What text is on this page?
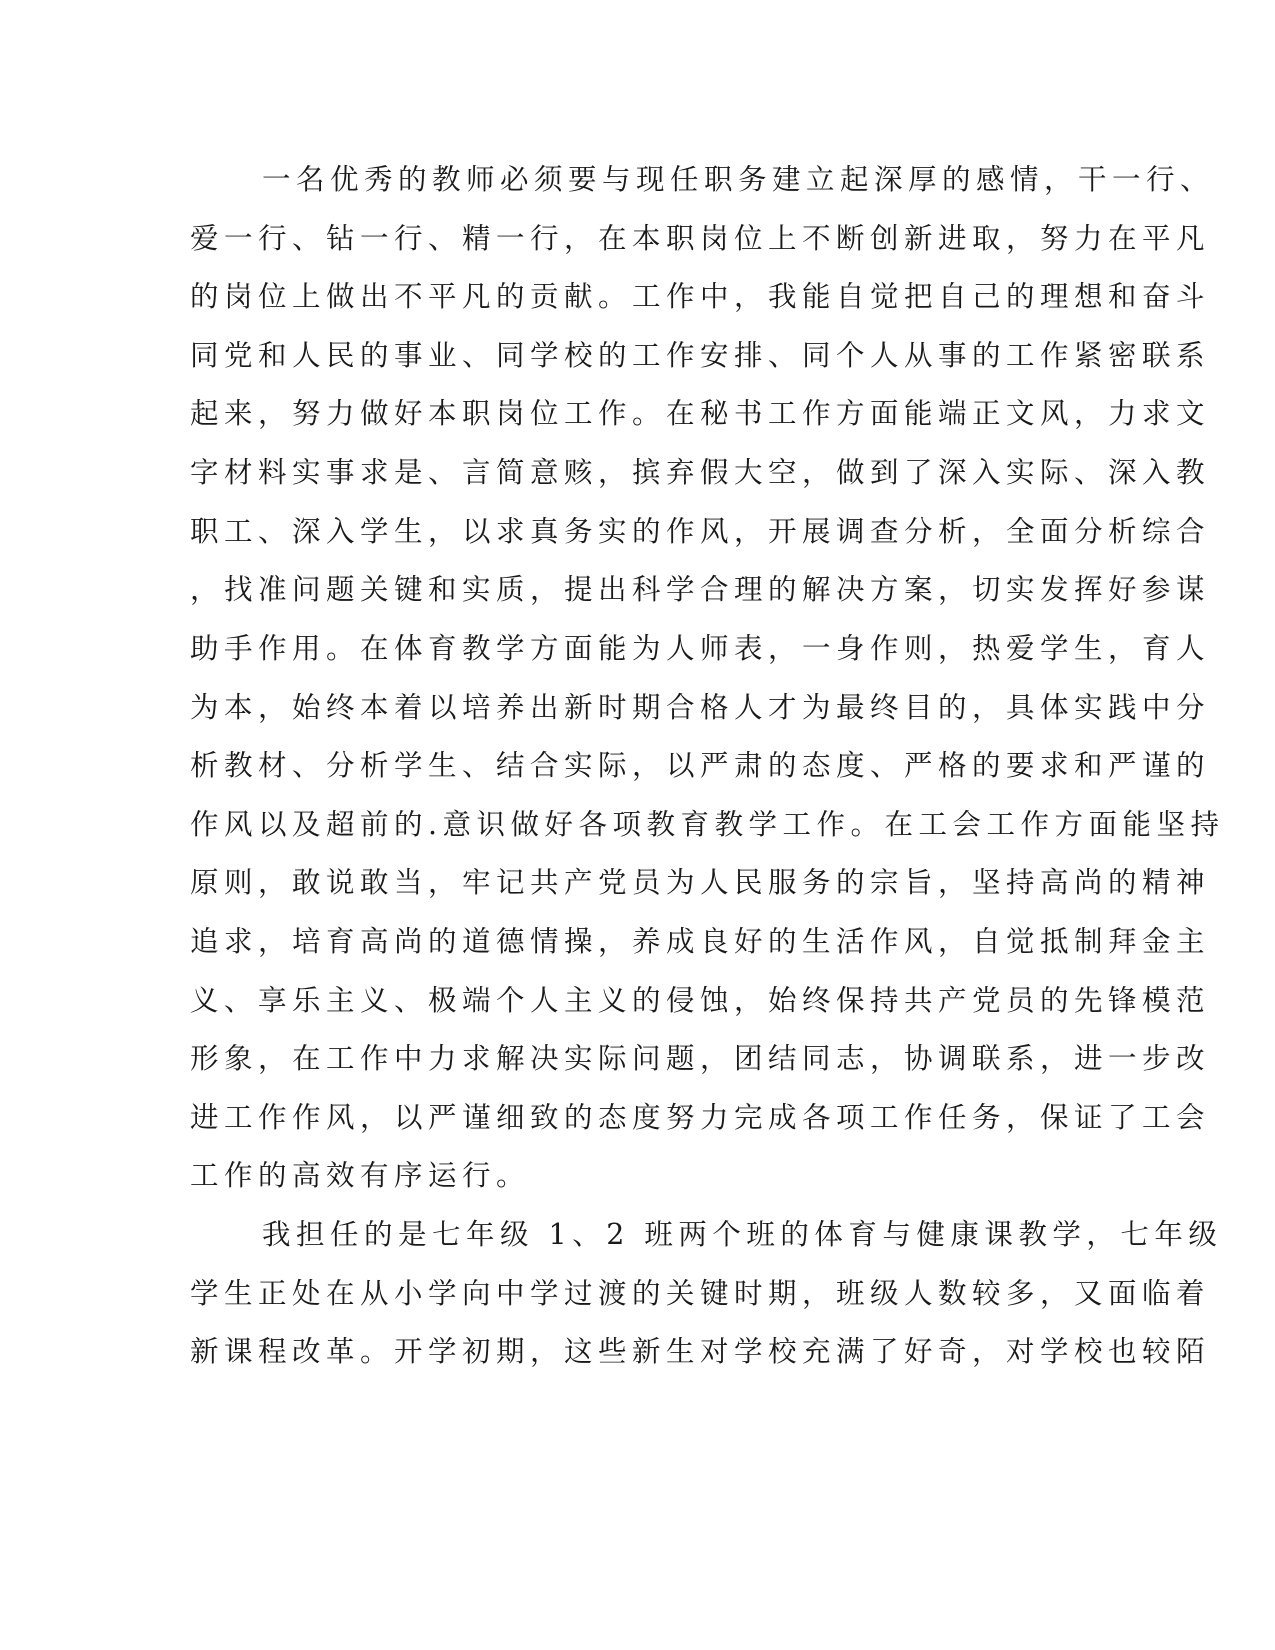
一名优秀的教师必须要与现任职务建立起深厚的感情，干一行、
爱一行、钻一行、精一行，在本职岗位上不断创新进取，努力在平凡
的岗位上做出不平凡的贡献。工作中，我能自觉把自己的理想和奋斗
同党和人民的事业、同学校的工作安排、同个人从事的工作紧密联系
起来，努力做好本职岗位工作。在秘书工作方面能端正文风，力求文
字材料实事求是、言简意赅，摈弃假大空，做到了深入实际、深入教
职工、深入学生，以求真务实的作风，开展调查分析，全面分析综合
，找准问题关键和实质，提出科学合理的解决方案，切实发挥好参谋
助手作用。在体育教学方面能为人师表，一身作则，热爱学生，育人
为本，始终本着以培养出新时期合格人才为最终目的，具体实践中分
析教材、分析学生、结合实际，以严肃的态度、严格的要求和严谨的
作风以及超前的.意识做好各项教育教学工作。在工会工作方面能坚持
原则，敢说敢当，牢记共产党员为人民服务的宗旨，坚持高尚的精神
追求，培育高尚的道德情操，养成良好的生活作风，自觉抵制拜金主
义、享乐主义、极端个人主义的侵蚀，始终保持共产党员的先锋模范
形象，在工作中力求解决实际问题，团结同志，协调联系，进一步改
进工作作风，以严谨细致的态度努力完成各项工作任务，保证了工会
工作的高效有序运行。
我担任的是七年级 1、2 班两个班的体育与健康课教学，七年级
学生正处在从小学向中学过渡的关键时期，班级人数较多，又面临着
新课程改革。开学初期，这些新生对学校充满了好奇，对学校也较陌
